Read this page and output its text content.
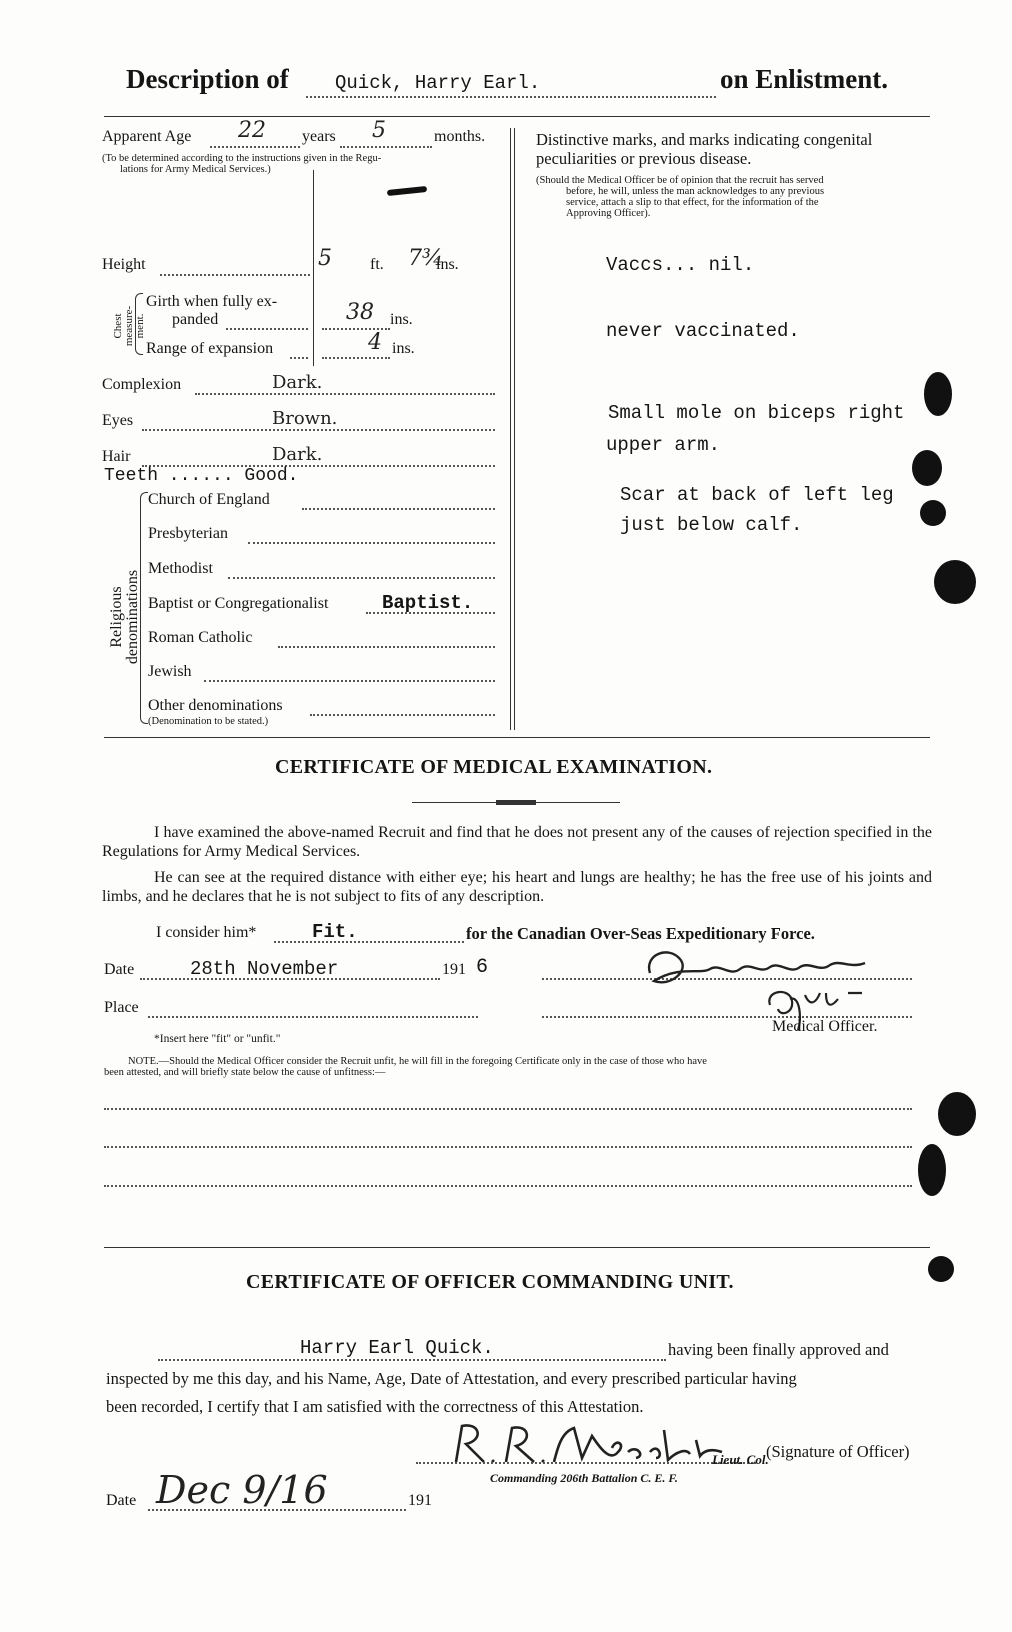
Description of Quick, Harry Earl.	on Enlistment.
Apparent Age 22 years 5	months.
(To be determined according to the instructions given in the Regu-
lations for Army Medical Services.)
Height	5 ft. 7¾
ins.
Chest measure- ment.
Girth when fully ex-
panded	38 ins.
Range of expansion	4 ins.
Complexion	Dark.
Eyes	Brown.
Hair	Dark.
Teeth ...... Good.
Religious denominations
Church of England
Presbyterian
Methodist
Baptist or Congregationalist	Baptist.
Roman Catholic
Jewish
Other denominations
(Denomination to be stated.)
Distinctive marks, and marks indicating congenital
peculiarities or previous disease.
(Should the Medical Officer be of opinion that the recruit has served
before, he will, unless the man acknowledges to any previous
service, attach a slip to that effect, for the information of the
Approving Officer).
Vaccs... nil.
never vaccinated.
Small mole on biceps right
upper arm.
Scar at back of left leg
just below calf.
CERTIFICATE OF MEDICAL EXAMINATION.
I have examined the above-named Recruit and find that he does not present any of the causes of rejection specified in the Regulations for Army Medical Services.
He can see at the required distance with either eye; his heart and lungs are healthy; he has the free use of his joints and limbs, and he declares that he is not subject to fits of any description.
I consider him*	Fit.	for the Canadian Over-Seas Expeditionary Force.
Date	28th November	191 6
Place
Medical Officer.
*Insert here "fit" or "unfit."
NOTE.—Should the Medical Officer consider the Recruit unfit, he will fill in the foregoing Certificate only in the case of those who have
been attested, and will briefly state below the cause of unfitness:—
CERTIFICATE OF OFFICER COMMANDING UNIT.
Harry Earl Quick.	having been finally approved and
inspected by me this day, and his Name, Age, Date of Attestation, and every prescribed particular having
been recorded, I certify that I am satisfied with the correctness of this Attestation.
Lieut. Col.
(Signature of Officer)
Commanding 206th Battalion C. E. F.
Date Dec 9/16	191
